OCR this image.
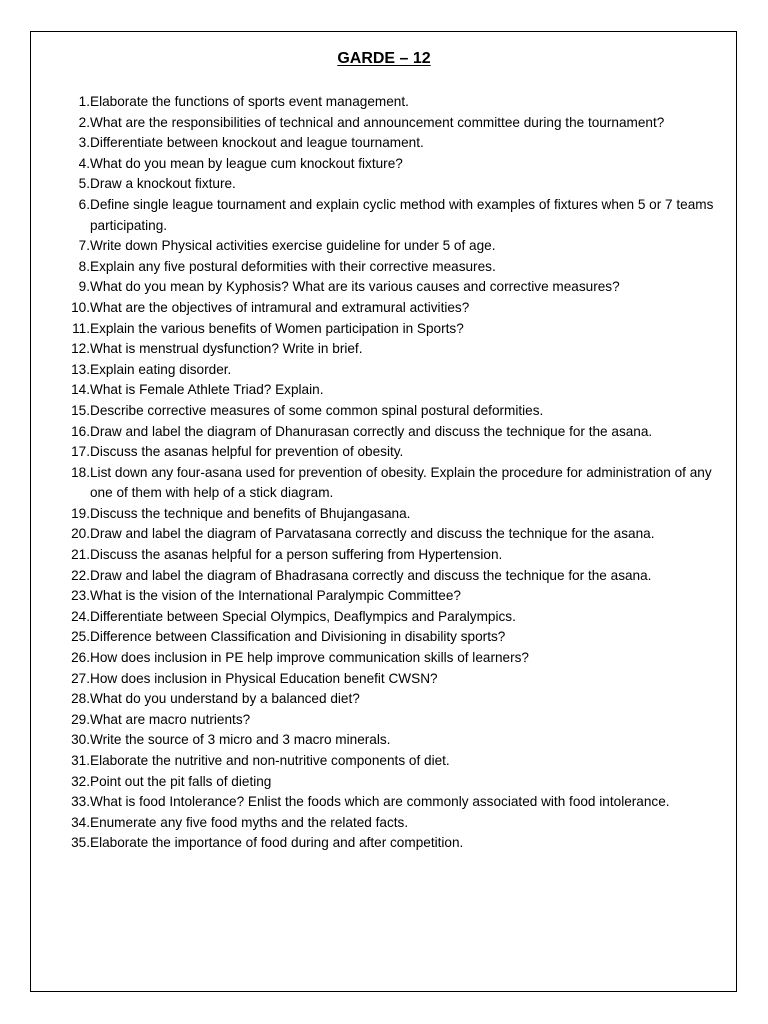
GARDE – 12
1. Elaborate the functions of sports event management.
2. What are the responsibilities of technical and announcement committee during the tournament?
3. Differentiate between knockout and league tournament.
4. What do you mean by league cum knockout fixture?
5. Draw a knockout fixture.
6. Define single league tournament and explain cyclic method with examples of fixtures when 5 or 7 teams participating.
7. Write down Physical activities exercise guideline for under 5 of age.
8. Explain any five postural deformities with their corrective measures.
9. What do you mean by Kyphosis? What are its various causes and corrective measures?
10. What are the objectives of intramural and extramural activities?
11. Explain the various benefits of Women participation in Sports?
12. What is menstrual dysfunction? Write in brief.
13. Explain eating disorder.
14. What is Female Athlete Triad? Explain.
15. Describe corrective measures of some common spinal postural deformities.
16. Draw and label the diagram of Dhanurasan correctly and discuss the technique for the asana.
17. Discuss the asanas helpful for prevention of obesity.
18. List down any four-asana used for prevention of obesity. Explain the procedure for administration of any one of them with help of a stick diagram.
19. Discuss the technique and benefits of Bhujangasana.
20. Draw and label the diagram of Parvatasana correctly and discuss the technique for the asana.
21. Discuss the asanas helpful for a person suffering from Hypertension.
22. Draw and label the diagram of Bhadrasana correctly and discuss the technique for the asana.
23. What is the vision of the International Paralympic Committee?
24. Differentiate between Special Olympics, Deaflympics and Paralympics.
25. Difference between Classification and Divisioning in disability sports?
26. How does inclusion in PE help improve communication skills of learners?
27. How does inclusion in Physical Education benefit CWSN?
28. What do you understand by a balanced diet?
29. What are macro nutrients?
30. Write the source of 3 micro and 3 macro minerals.
31. Elaborate the nutritive and non-nutritive components of diet.
32. Point out the pit falls of dieting
33. What is food Intolerance? Enlist the foods which are commonly associated with food intolerance.
34. Enumerate any five food myths and the related facts.
35. Elaborate the importance of food during and after competition.
